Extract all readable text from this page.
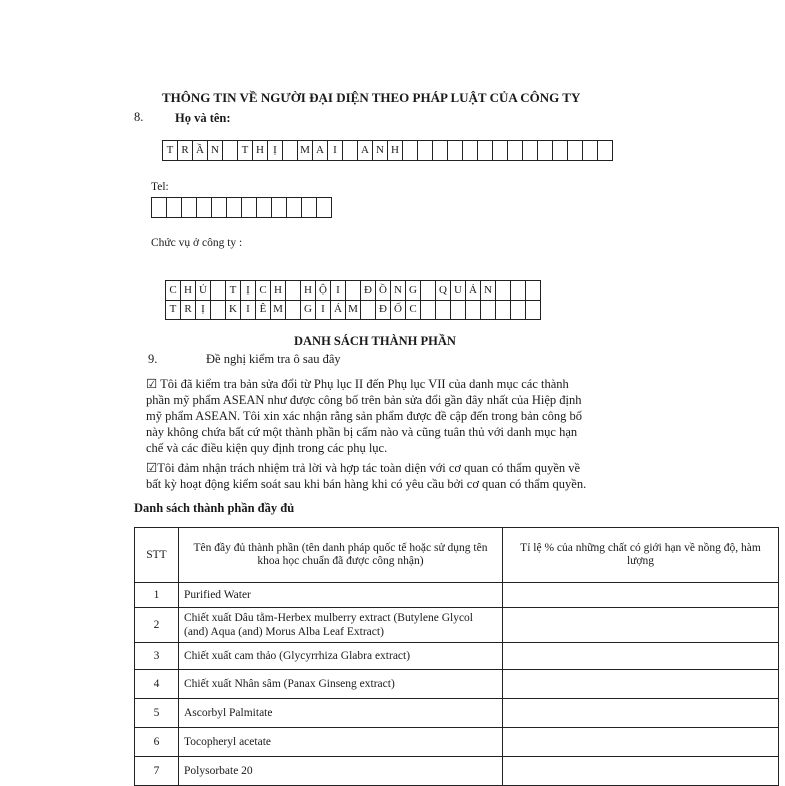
THÔNG TIN VỀ NGƯỜI ĐẠI DIỆN THEO PHÁP LUẬT CỦA CÔNG TY
8.	Họ và tên:
T R Ầ N	T H Ị	M A I	A N H
Tel:
Chức vụ ở công ty :
C H Ủ	T Ị C H	H Ộ I	Đ Ồ N G	Q U Ả N
T R Ị	K I Ê M G I Á M Đ Ố C
DANH SÁCH THÀNH PHẦN
9.	Đề nghị kiểm tra ô sau đây
☑ Tôi đã kiểm tra bản sửa đổi từ Phụ lục II đến Phụ lục VII của danh mục các thành
phần mỹ phẩm ASEAN như được công bố trên bản sửa đổi gần đây nhất của Hiệp định
mỹ phẩm ASEAN. Tôi xin xác nhận rằng sản phẩm được đề cập đến trong bản công bố
này không chứa bất cứ một thành phần bị cấm nào và cũng tuân thủ với danh mục hạn
chế và các điều kiện quy định trong các phụ lục.
☑Tôi đảm nhận trách nhiệm trả lời và hợp tác toàn diện với cơ quan có thẩm quyền về
bất kỳ hoạt động kiểm soát sau khi bán hàng khi có yêu cầu bởi cơ quan có thẩm quyền.
Danh sách thành phần đầy đủ
STT	Tên đầy đủ thành phần (tên danh pháp quốc tế hoặc sử dụng tên khoa học chuẩn đã được công nhận)	Tỉ lệ % của những chất có giới hạn về nồng độ, hàm lượng
1	Purified Water	
2	Chiết xuất Dâu tằm-Herbex mulberry extract (Butylene Glycol (and) Aqua (and) Morus Alba Leaf Extract)	
3	Chiết xuất cam thảo (Glycyrrhiza Glabra extract)	
4	Chiết xuất Nhân sâm (Panax Ginseng extract)	
5	Ascorbyl Palmitate	
6	Tocopheryl acetate	
7	Polysorbate 20	
